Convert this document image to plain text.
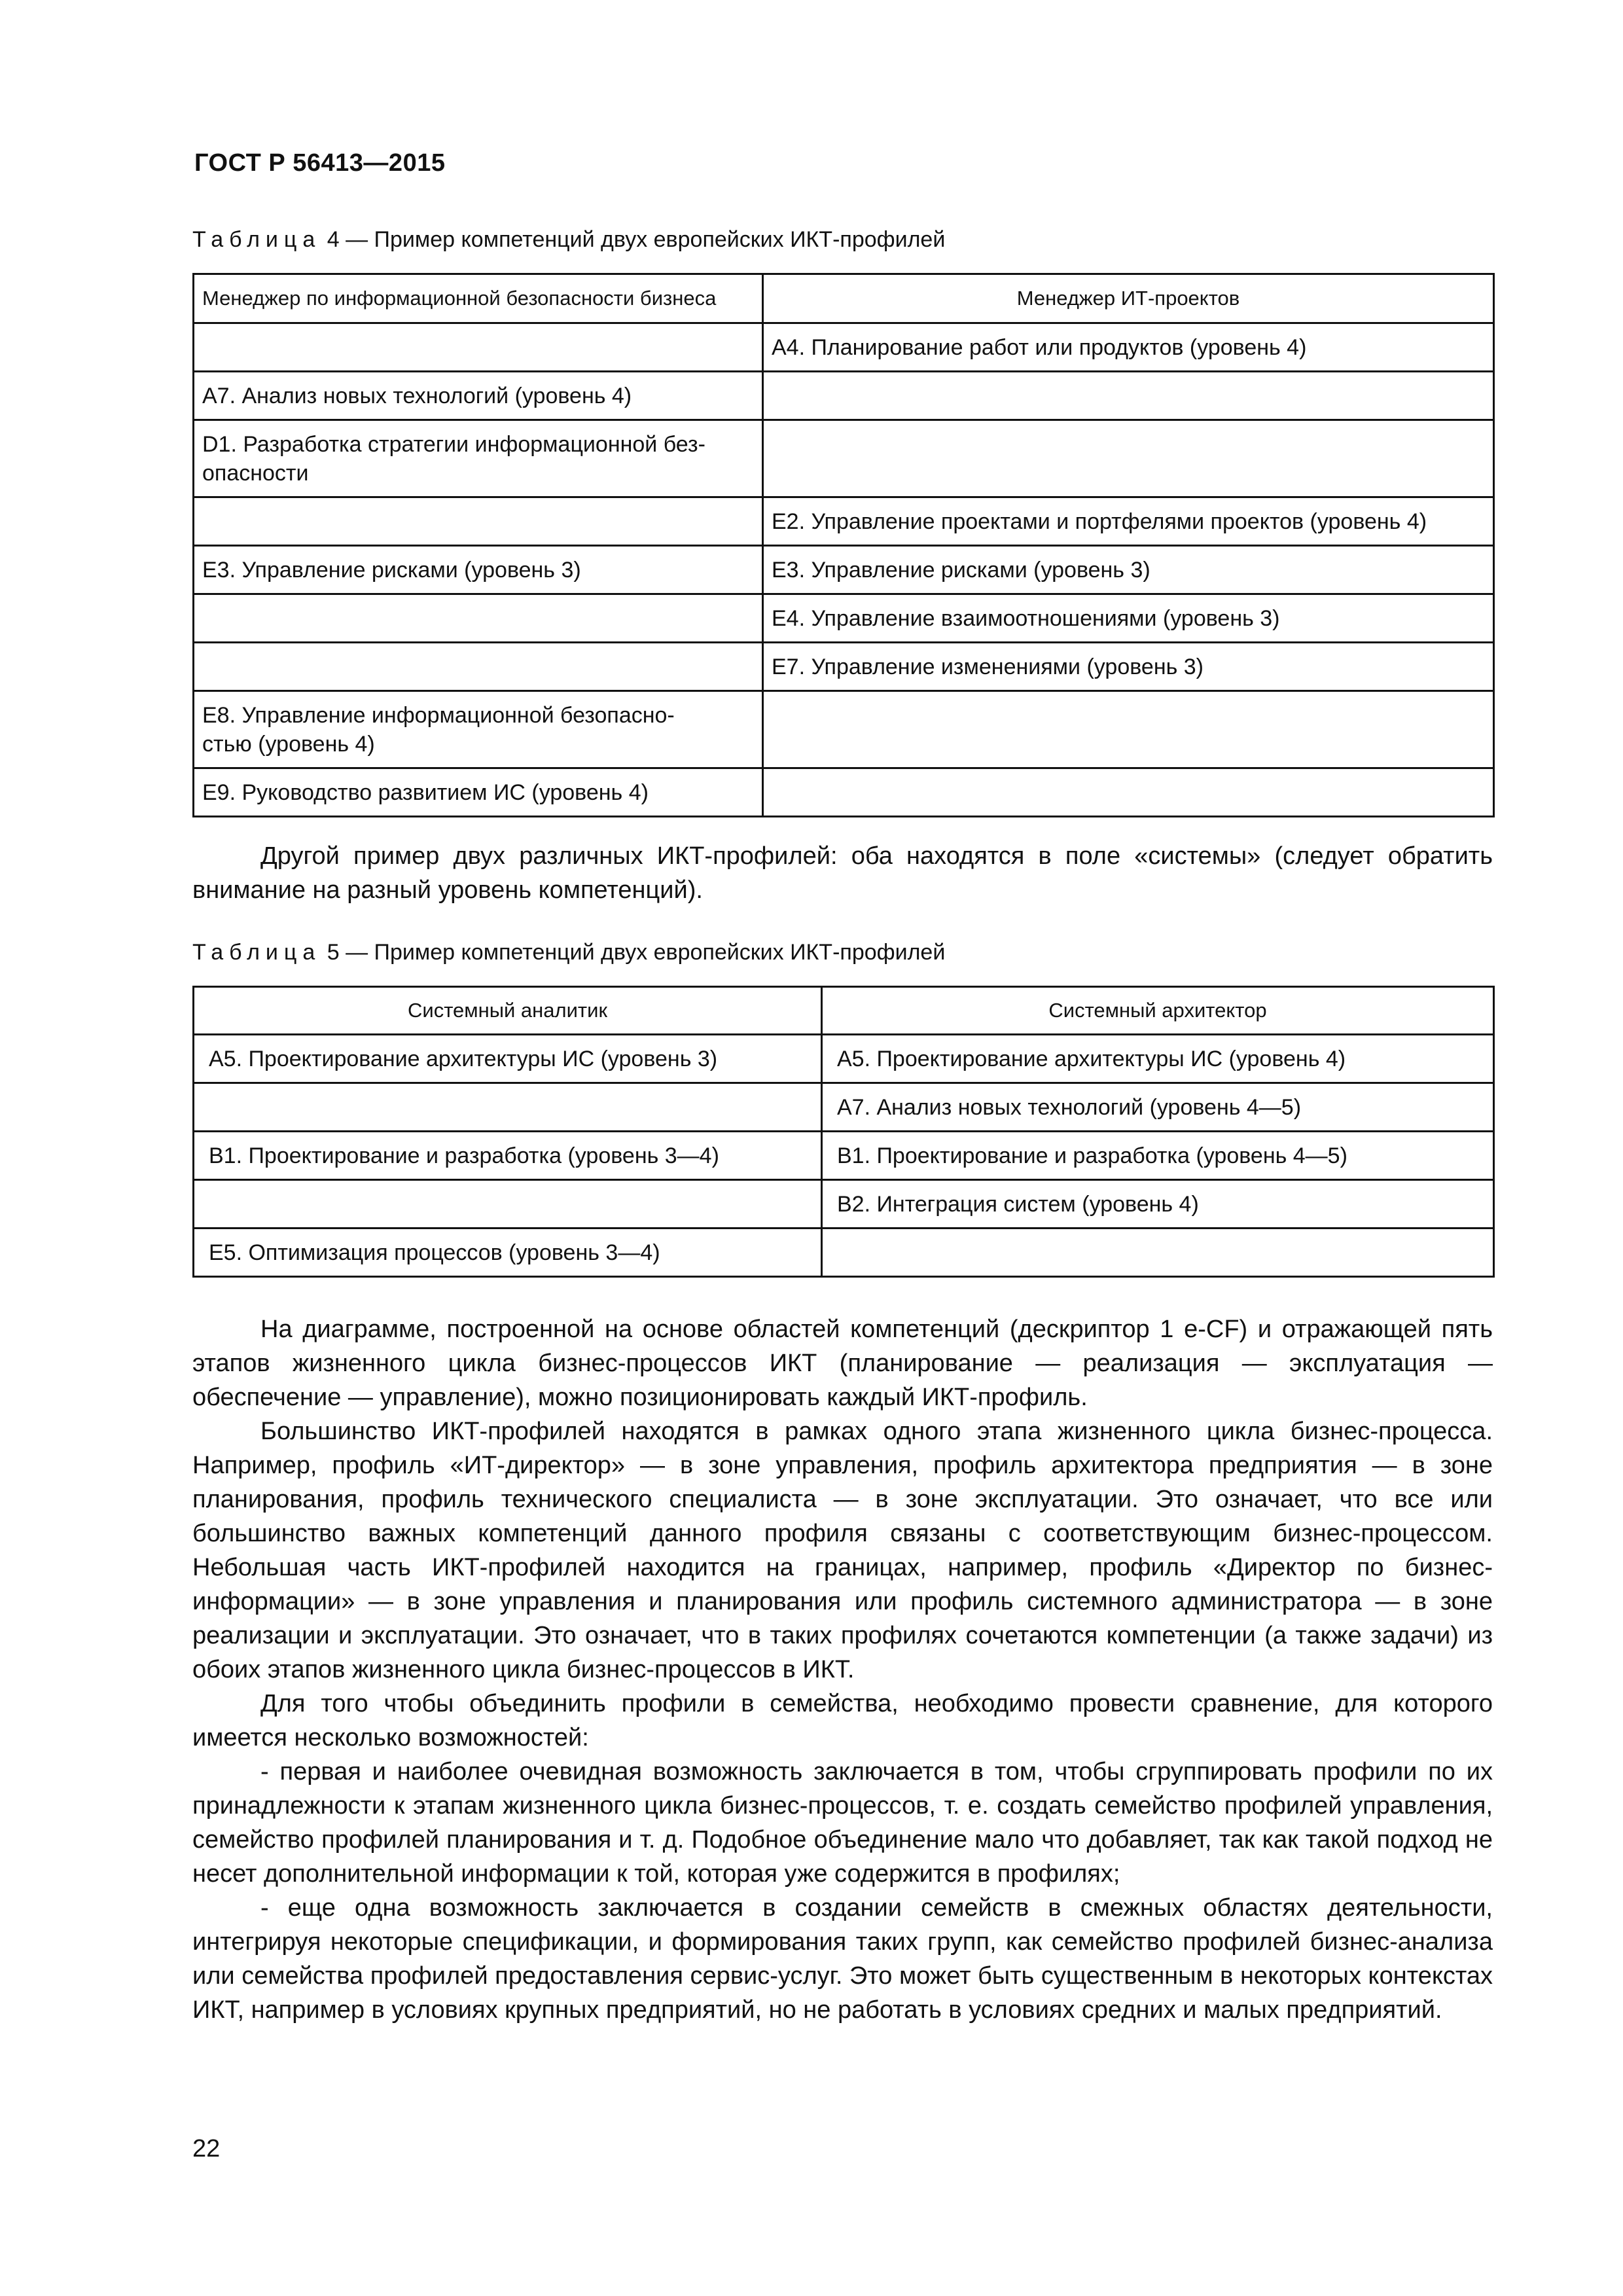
ГОСТ Р 56413—2015
Таблица 4 — Пример компетенций двух европейских ИКТ-профилей
Менеджер по информационной безопасности бизнеса	Менеджер ИТ-проектов
	А4. Планирование работ или продуктов (уровень 4)
А7. Анализ новых технологий (уровень 4)	
D1. Разработка стратегии информационной без-
опасности	
	Е2. Управление проектами и портфелями проектов (уровень 4)
Е3. Управление рисками (уровень 3)	Е3. Управление рисками (уровень 3)
	Е4. Управление взаимоотношениями (уровень 3)
	Е7. Управление изменениями (уровень 3)
Е8. Управление информационной безопасно-
стью (уровень 4)	
Е9. Руководство развитием ИС (уровень 4)	

Другой пример двух различных ИКТ-профилей: оба находятся в поле «системы» (следует обратить внимание на разный уровень компетенций).

Таблица 5 — Пример компетенций двух европейских ИКТ-профилей
Системный аналитик	Системный архитектор
А5. Проектирование архитектуры ИС (уровень 3)	А5. Проектирование архитектуры ИС (уровень 4)
	А7. Анализ новых технологий (уровень 4—5)
В1. Проектирование и разработка (уровень 3—4)	В1. Проектирование и разработка (уровень 4—5)
	В2. Интеграция систем (уровень 4)
Е5. Оптимизация процессов (уровень 3—4)	

На диаграмме, построенной на основе областей компетенций (дескриптор 1 e-CF) и отражающей пять этапов жизненного цикла бизнес-процессов ИКТ (планирование — реализация — эксплуатация — обеспечение — управление), можно позиционировать каждый ИКТ-профиль.

Большинство ИКТ-профилей находятся в рамках одного этапа жизненного цикла бизнес-процесса. Например, профиль «ИТ-директор» — в зоне управления, профиль архитектора предприятия — в зоне планирования, профиль технического специалиста — в зоне эксплуатации. Это означает, что все или большинство важных компетенций данного профиля связаны с соответствующим бизнес-процессом. Небольшая часть ИКТ-профилей находится на границах, например, профиль «Директор по бизнес-информации» — в зоне управления и планирования или профиль системного администратора — в зоне реализации и эксплуатации. Это означает, что в таких профилях сочетаются компетенции (а также задачи) из обоих этапов жизненного цикла бизнес-процессов в ИКТ.

Для того чтобы объединить профили в семейства, необходимо провести сравнение, для которого имеется несколько возможностей:

- первая и наиболее очевидная возможность заключается в том, чтобы сгруппировать профили по их принадлежности к этапам жизненного цикла бизнес-процессов, т. е. создать семейство профилей управления, семейство профилей планирования и т. д. Подобное объединение мало что добавляет, так как такой подход не несет дополнительной информации к той, которая уже содержится в профилях;

- еще одна возможность заключается в создании семейств в смежных областях деятельности, интегрируя некоторые спецификации, и формирования таких групп, как семейство профилей бизнес-анализа или семейства профилей предоставления сервис-услуг. Это может быть существенным в некоторых контекстах ИКТ, например в условиях крупных предприятий, но не работать в условиях средних и малых предприятий.

22
